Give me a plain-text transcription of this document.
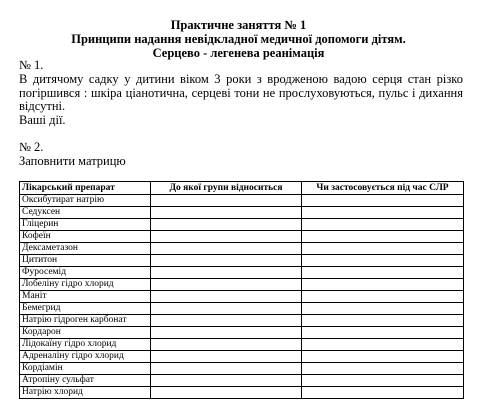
Практичне заняття № 1
Принципи надання невідкладної медичної допомоги дітям.
Серцево - легенева реанімація
№ 1.
В дитячому садку у дитини віком 3 роки з вродженою вадою серця стан різко погіршився : шкіра ціанотична, серцеві тони не прослуховуються, пульс і дихання відсутні.
Ваші дії.
№ 2.
Заповнити матрицю
Лікарський препарат	До якої групи відноситься	Чи застосовується під час СЛР
Оксибутират натрію		
Седуксен		
Гліцерин		
Кофеїн		
Дексаметазон		
Цититон		
Фуросемід		
Лобеліну гідро хлорид		
Маніт		
Бемегрид		
Натрію гідроген карбонат		
Кордарон		
Лідокаїну гідро хлорид		
Адреналіну гідро хлорид		
Кордіамін		
Атропіну сульфат		
Натрію хлорид		
